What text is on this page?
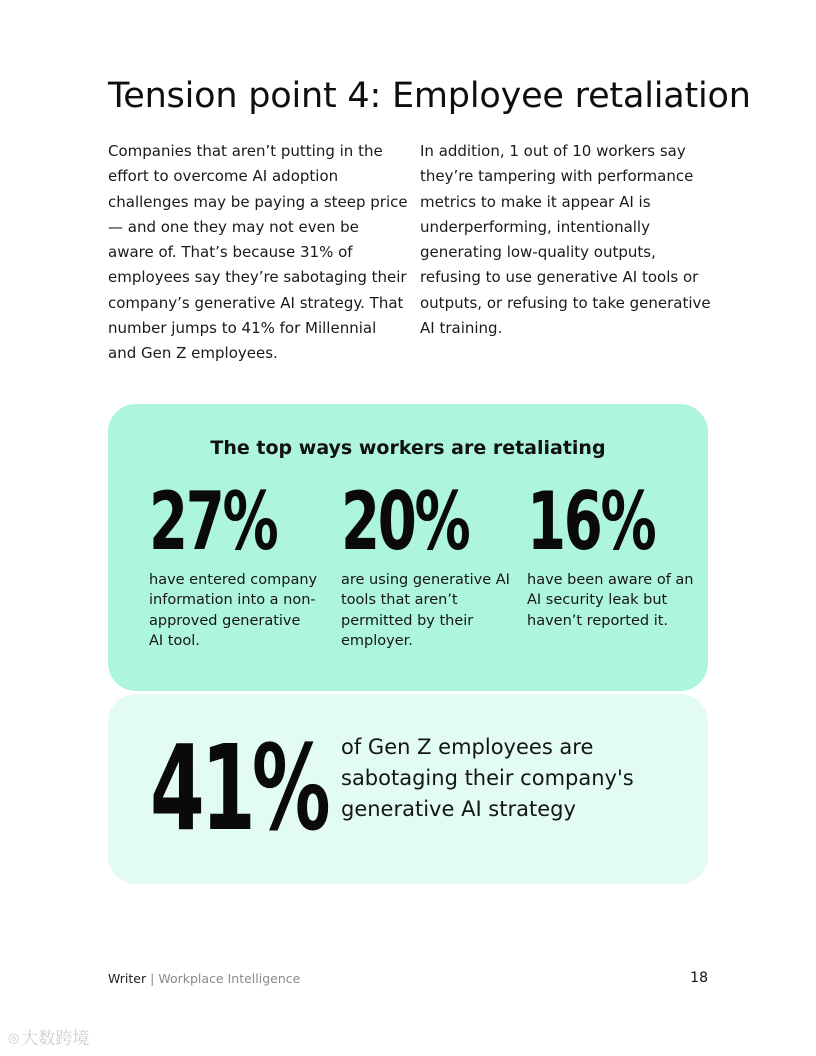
Tension point 4: Employee retaliation

Companies that aren’t putting in the effort to overcome AI adoption challenges may be paying a steep price — and one they may not even be aware of. That’s because 31% of employees say they’re sabotaging their company’s generative AI strategy. That number jumps to 41% for Millennial and Gen Z employees.

In addition, 1 out of 10 workers say they’re tampering with performance metrics to make it appear AI is underperforming, intentionally generating low-quality outputs, refusing to use generative AI tools or outputs, or refusing to take generative AI training.

The top ways workers are retaliating
27%
have entered company information into a non-approved generative AI tool.
20%
are using generative AI tools that aren’t permitted by their employer.
16%
have been aware of an AI security leak but haven’t reported it.
41% of Gen Z employees are sabotaging their company's generative AI strategy

Writer | Workplace Intelligence	18
◎ 大数跨境
